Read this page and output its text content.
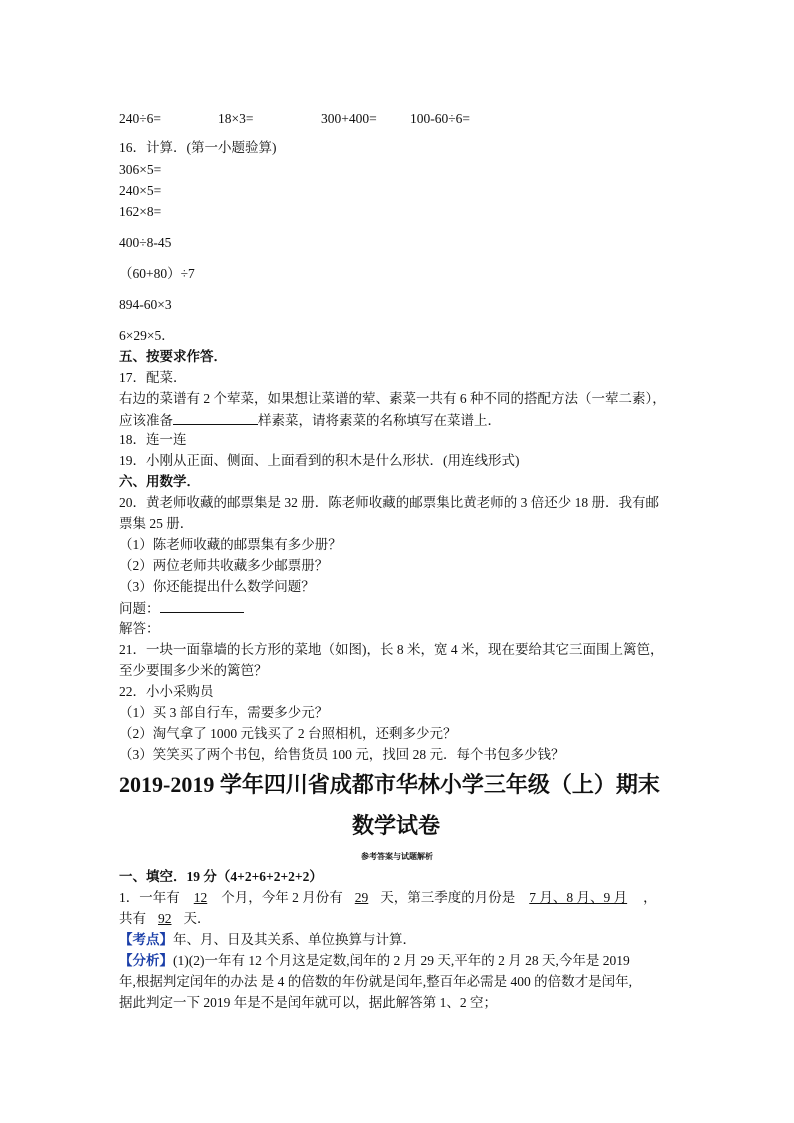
240÷6=	18×3=	300+400= 100-60÷6=
16．计算．(第一小题验算)
306×5=
240×5=
162×8=
400÷8-45
（60+80）÷7
894-60×3
6×29×5．
五、按要求作答．
17．配菜．
右边的菜谱有 2 个荤菜，如果想让菜谱的荤、素菜一共有 6 种不同的搭配方法（一荤二素），
应该准备	样素菜，请将素菜的名称填写在菜谱上．
18．连一连
19．小刚从正面、侧面、上面看到的积木是什么形状．(用连线形式)
六、用数学．
20．黄老师收藏的邮票集是 32 册．陈老师收藏的邮票集比黄老师的 3 倍还少 18 册．我有邮
票集 25 册．
（1）陈老师收藏的邮票集有多少册？
（2）两位老师共收藏多少邮票册？
（3）你还能提出什么数学问题？
问题：
解答：
21．一块一面靠墙的长方形的菜地（如图)，长 8 米，宽 4 米，现在要给其它三面围上篱笆，
至少要围多少米的篱笆？
22．小小采购员
（1）买 3 部自行车，需要多少元？
（2）淘气拿了 1000 元钱买了 2 台照相机，还剩多少元？
（3）笑笑买了两个书包，给售货员 100 元，找回 28 元．每个书包多少钱？
2019-2019 学年四川省成都市华林小学三年级（上）期末
数学试卷
参考答案与试题解析
一、填空．19 分（4+2+6+2+2+2）
1．一年有 12 个月，今年 2 月份有 29 天，第三季度的月份是 7 月、8 月、9 月 ，
共有 92 天．
【考点】年、月、日及其关系、单位换算与计算．
【分析】(1)(2)一年有 12 个月这是定数,闰年的 2 月 29 天,平年的 2 月 28 天,今年是 2019
年,根据判定闰年的办法 是 4 的倍数的年份就是闰年,整百年必需是 400 的倍数才是闰年,
据此判定一下 2019 年是不是闰年就可以，据此解答第 1、2 空；
